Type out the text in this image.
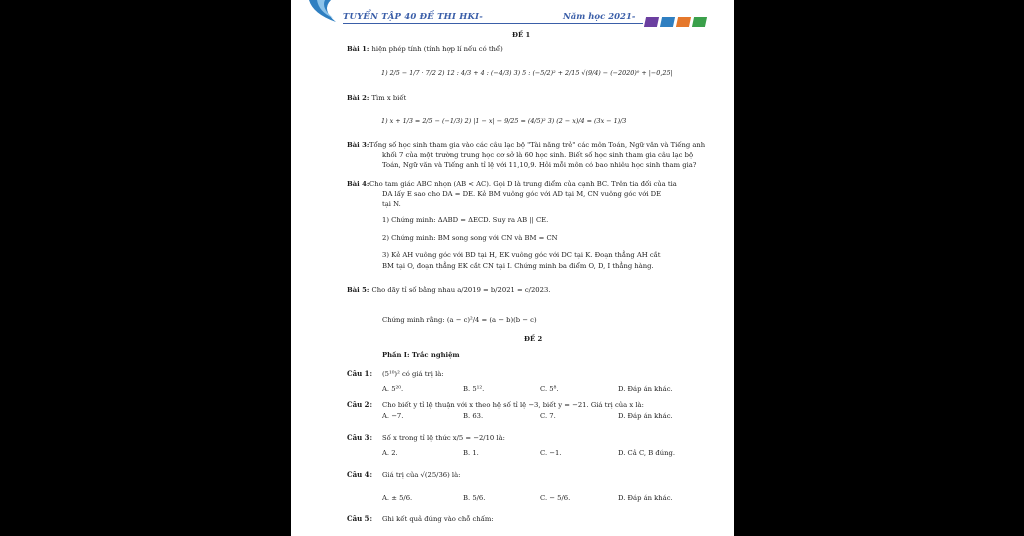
TUYỂN TẬP 40 ĐỀ THI HKI-	Năm học 2021-
ĐỀ 1
Bài 1: hiện phép tính (tính hợp lí nếu có thể)
1) 2/5 − 1/7 · 7/2 2) 12 : 4/3 + 4 : (−4/3) 3) 5 : (−5/2)² + 2/15 √(9/4) − (−2020)⁰ + |−0,25|
Bài 2: Tìm x biết
1) x + 1/3 = 2/5 − (−1/3) 2) |1 − x| − 9/25 = (4/5)² 3) (2 − x)/4 = (3x − 1)/3
Bài 3: Tổng số học sinh tham gia vào các câu lạc bộ "Tài năng trẻ" các môn Toán, Ngữ văn và Tiếng anh
khối 7 của một trường trung học cơ sở là 60 học sinh. Biết số học sinh tham gia câu lạc bộ
Toán, Ngữ văn và Tiếng anh tỉ lệ với 11,10,9. Hỏi mỗi môn có bao nhiêu học sinh tham gia?
Bài 4: Cho tam giác ABC nhọn (AB < AC). Gọi D là trung điểm của cạnh BC. Trên tia đối của tia
DA lấy E sao cho DA = DE. Kẻ BM vuông góc với AD tại M, CN vuông góc với DE
tại N.
1) Chứng minh: ΔABD = ΔECD. Suy ra AB || CE.
2) Chứng minh: BM song song với CN và BM = CN
3) Kẻ AH vuông góc với BD tại H, EK vuông góc với DC tại K. Đoạn thẳng AH cắt
BM tại O, đoạn thẳng EK cắt CN tại I. Chứng minh ba điểm O, D, I thẳng hàng.
Bài 5: Cho dãy tỉ số bằng nhau a/2019 = b/2021 = c/2023.
Chứng minh rằng: (a − c)²/4 = (a − b)(b − c)
ĐỀ 2
Phần I: Trắc nghiệm
Câu 1: (5¹⁰)² có giá trị là:
A. 5²⁰.	B. 5¹².	C. 5⁸.	D. Đáp án khác.
Câu 2: Cho biết y tỉ lệ thuận với x theo hệ số tỉ lệ −3, biết y = −21. Giá trị của x là:
A. −7.	B. 63.	C. 7.	D. Đáp án khác.
Câu 3: Số x trong tỉ lệ thức x/5 = −2/10 là:
A. 2.	B. 1.	C. −1.	D. Cả C, B đúng.
Câu 4: Giá trị của √(25/36) là:
A. ± 5/6.	B. 5/6.	C. − 5/6.	D. Đáp án khác.
Câu 5: Ghi kết quả đúng vào chỗ chấm:
